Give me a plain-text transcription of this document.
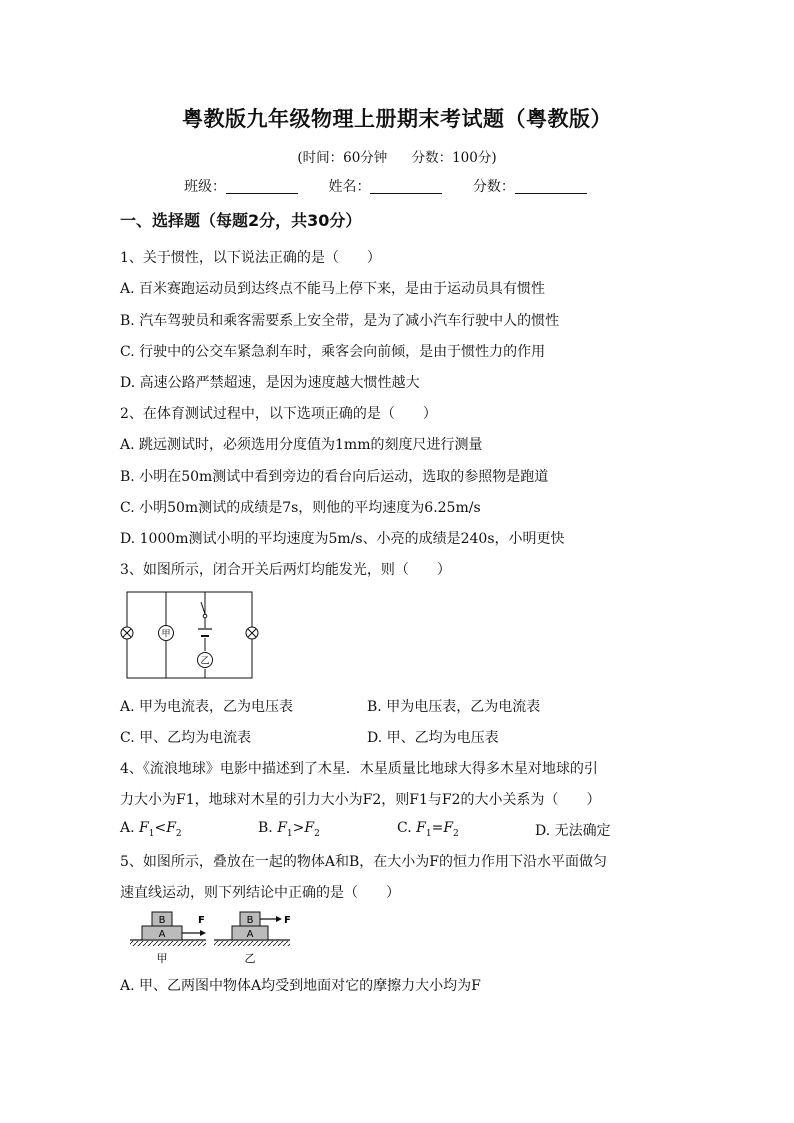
粤教版九年级物理上册期末考试题（粤教版）
(时间：60分钟 分数：100分)
班级：	姓名：	分数：
一、选择题（每题2分，共30分）
1、关于惯性，以下说法正确的是（　　）
A. 百米赛跑运动员到达终点不能马上停下来，是由于运动员具有惯性
B. 汽车驾驶员和乘客需要系上安全带，是为了减小汽车行驶中人的惯性
C. 行驶中的公交车紧急刹车时，乘客会向前倾，是由于惯性力的作用
D. 高速公路严禁超速，是因为速度越大惯性越大
2、在体育测试过程中，以下选项正确的是（　　）
A. 跳远测试时，必须选用分度值为1mm的刻度尺进行测量
B. 小明在50m测试中看到旁边的看台向后运动，选取的参照物是跑道
C. 小明50m测试的成绩是7s，则他的平均速度为6.25m/s
D. 1000m测试小明的平均速度为5m/s、小亮的成绩是240s，小明更快
3、如图所示，闭合开关后两灯均能发光，则（　　）
甲
乙
A. 甲为电流表，乙为电压表	B. 甲为电压表，乙为电流表
C. 甲、乙均为电流表	D. 甲、乙均为电压表
4、《流浪地球》电影中描述到了木星．木星质量比地球大得多木星对地球的引
力大小为F1，地球对木星的引力大小为F2，则F1与F2的大小关系为（　　）
A. $F_1<F_2$	B. $F_1>F_2$	C. $F_1=F_2$	D. 无法确定
5、如图所示，叠放在一起的物体A和B，在大小为F的恒力作用下沿水平面做匀
速直线运动，则下列结论中正确的是（　　）
A
B	F
甲
A
B	F
乙
A. 甲、乙两图中物体A均受到地面对它的摩擦力大小均为F
